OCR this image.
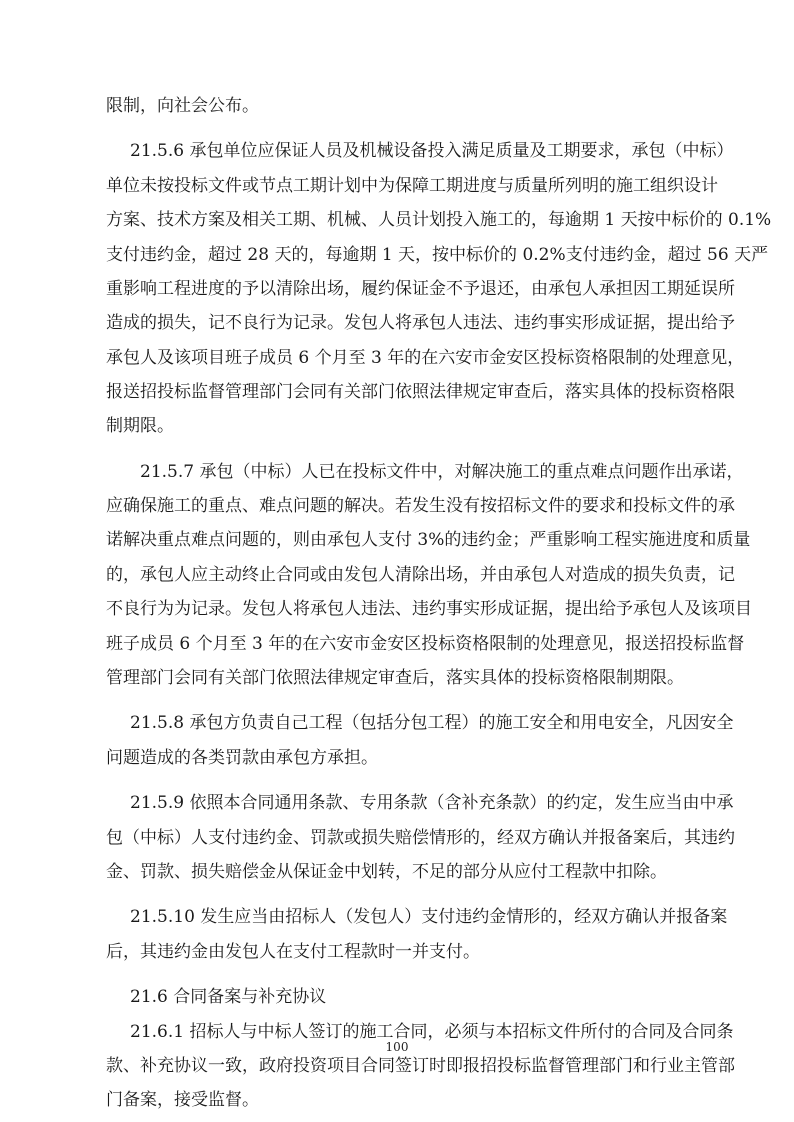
限制，向社会公布。
21.5.6 承包单位应保证人员及机械设备投入满足质量及工期要求，承包（中标）
单位未按投标文件或节点工期计划中为保障工期进度与质量所列明的施工组织设计
方案、技术方案及相关工期、机械、人员计划投入施工的，每逾期 1 天按中标价的 0.1%
支付违约金，超过 28 天的，每逾期 1 天，按中标价的 0.2%支付违约金，超过 56 天严
重影响工程进度的予以清除出场，履约保证金不予退还，由承包人承担因工期延误所
造成的损失，记不良行为记录。发包人将承包人违法、违约事实形成证据，提出给予
承包人及该项目班子成员 6 个月至 3 年的在六安市金安区投标资格限制的处理意见，
报送招投标监督管理部门会同有关部门依照法律规定审查后，落实具体的投标资格限
制期限。
21.5.7 承包（中标）人已在投标文件中，对解决施工的重点难点问题作出承诺，
应确保施工的重点、难点问题的解决。若发生没有按招标文件的要求和投标文件的承
诺解决重点难点问题的，则由承包人支付 3%的违约金；严重影响工程实施进度和质量
的，承包人应主动终止合同或由发包人清除出场，并由承包人对造成的损失负责，记
不良行为为记录。发包人将承包人违法、违约事实形成证据，提出给予承包人及该项目
班子成员 6 个月至 3 年的在六安市金安区投标资格限制的处理意见，报送招投标监督
管理部门会同有关部门依照法律规定审查后，落实具体的投标资格限制期限。
21.5.8 承包方负责自己工程（包括分包工程）的施工安全和用电安全，凡因安全
问题造成的各类罚款由承包方承担。
21.5.9 依照本合同通用条款、专用条款（含补充条款）的约定，发生应当由中承
包（中标）人支付违约金、罚款或损失赔偿情形的，经双方确认并报备案后，其违约
金、罚款、损失赔偿金从保证金中划转，不足的部分从应付工程款中扣除。
21.5.10 发生应当由招标人（发包人）支付违约金情形的，经双方确认并报备案
后，其违约金由发包人在支付工程款时一并支付。
21.6 合同备案与补充协议
21.6.1 招标人与中标人签订的施工合同，必须与本招标文件所付的合同及合同条
款、补充协议一致，政府投资项目合同签订时即报招投标监督管理部门和行业主管部
门备案，接受监督。
100
